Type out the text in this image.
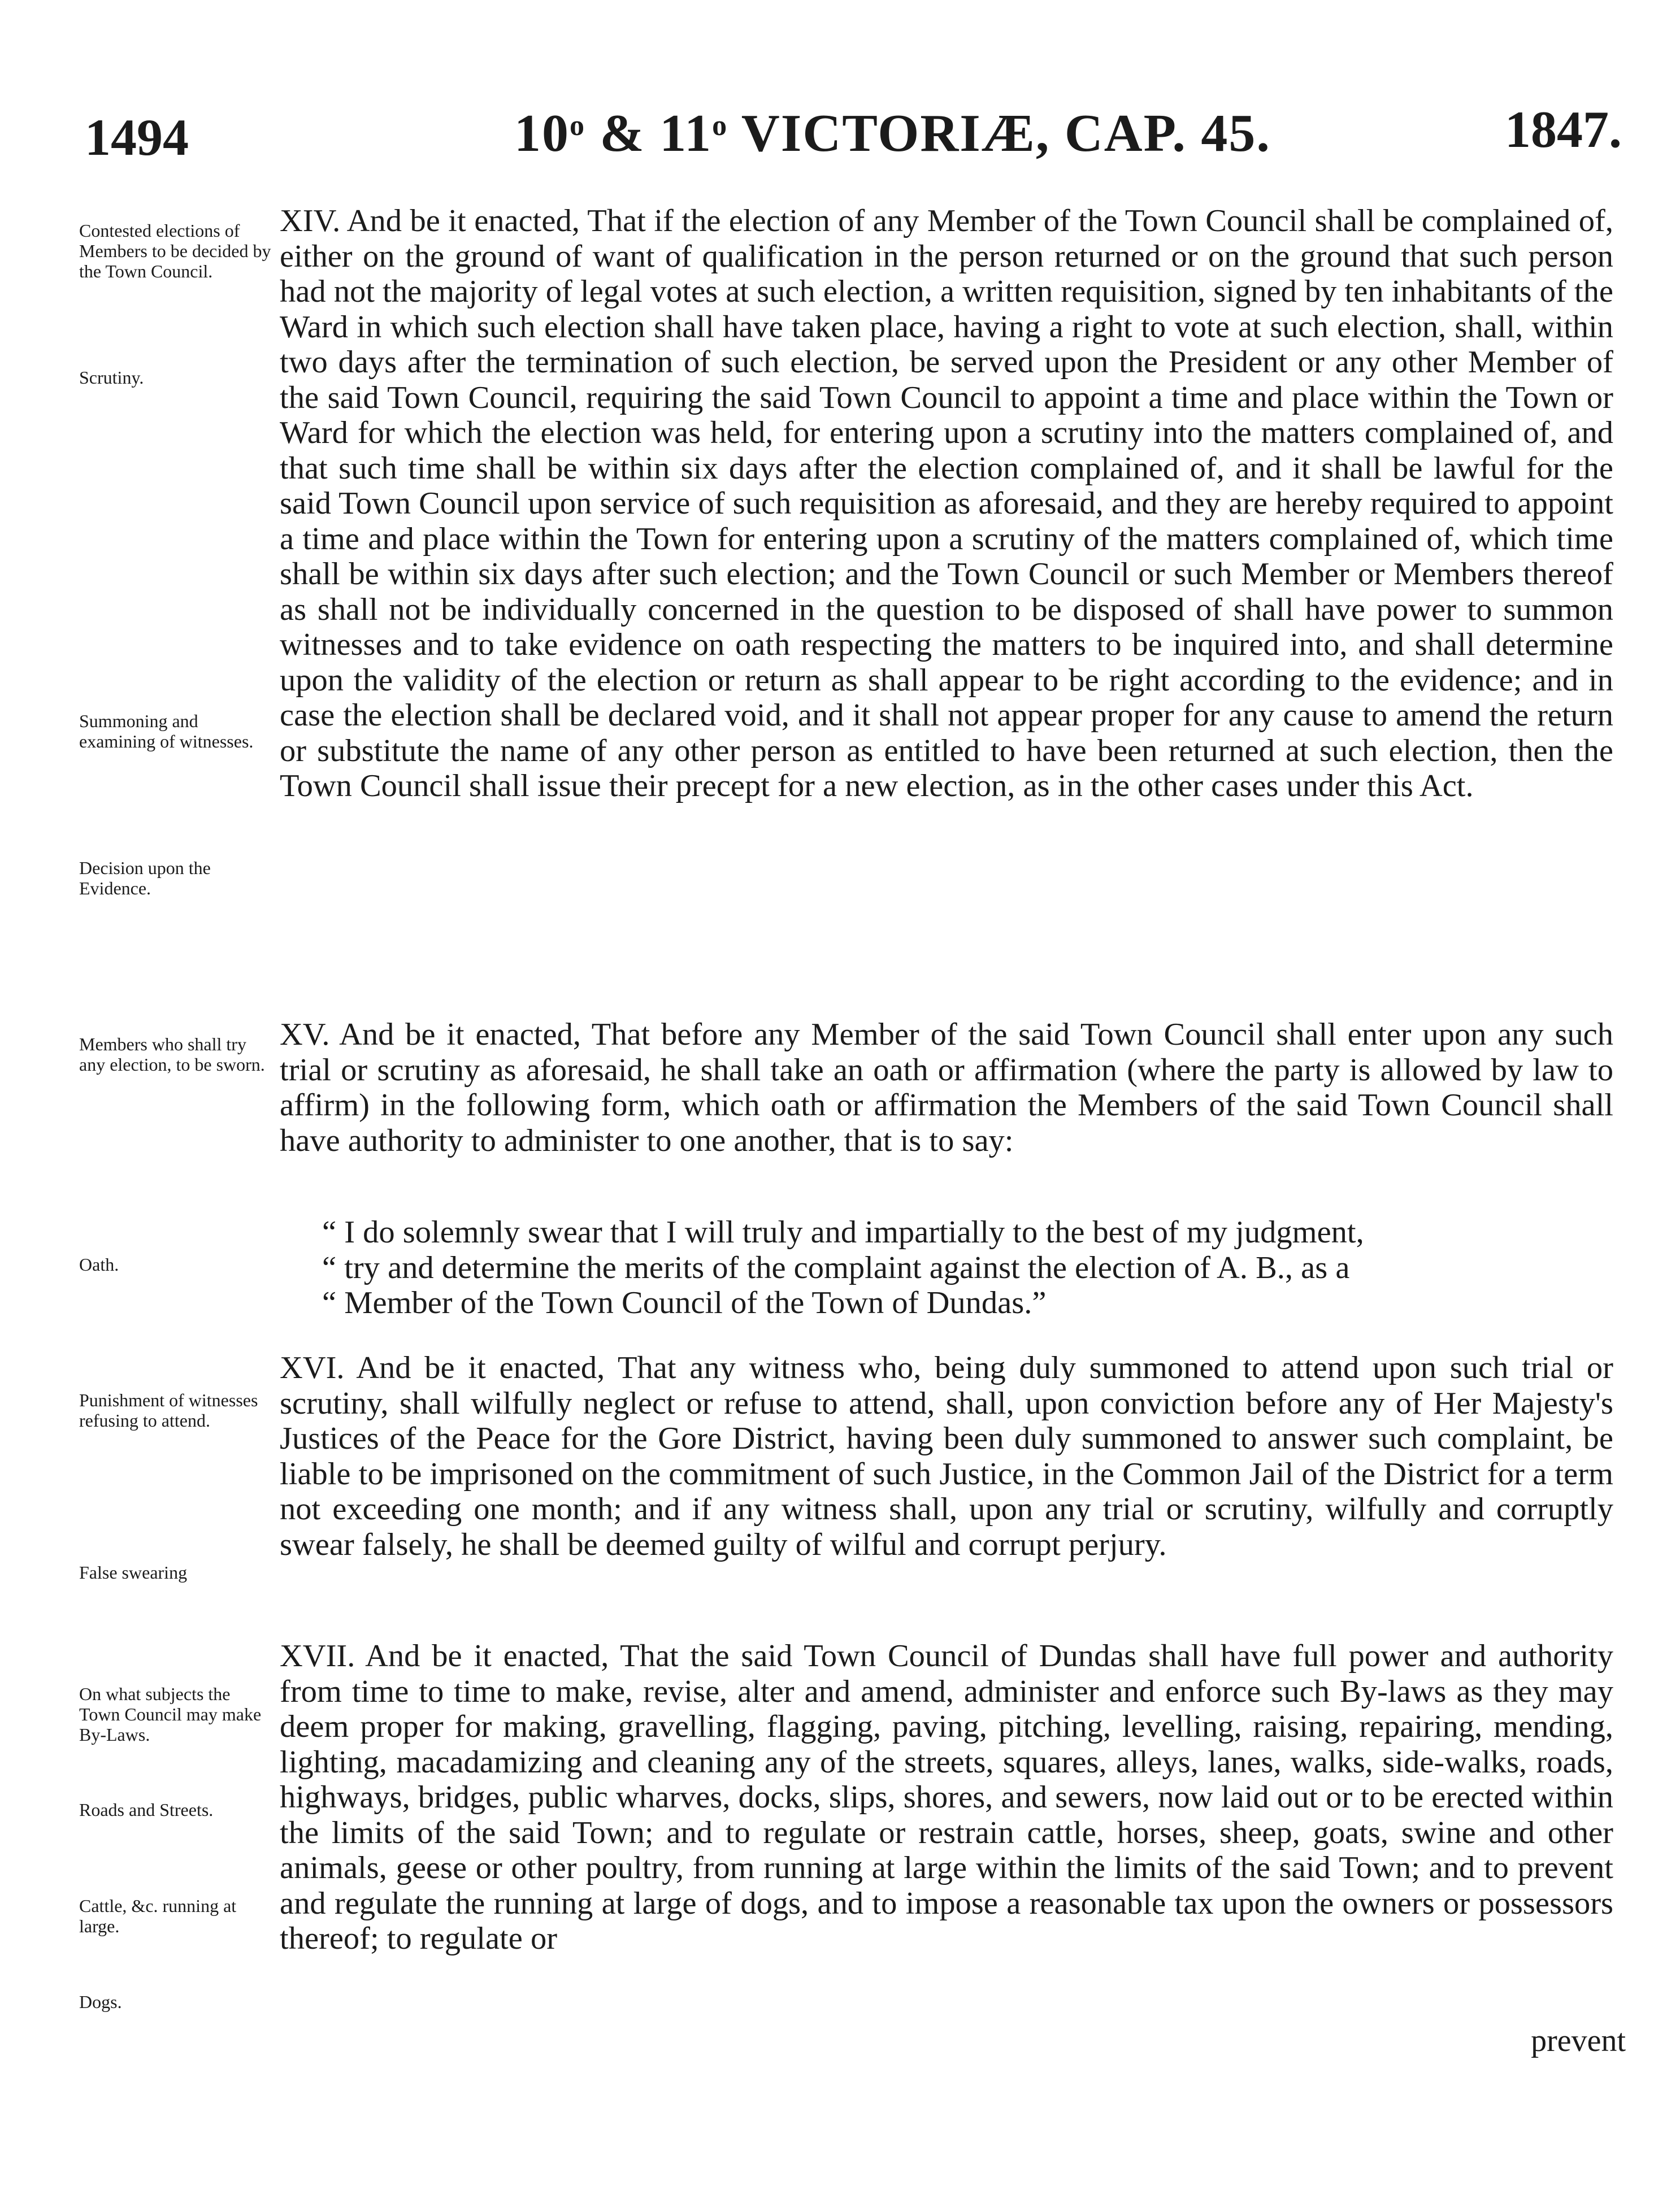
1494	10$^o$ & 11$^o$ VICTORIÆ, CAP. 45.	1847.
Contested elections of Members to be decided by the Town Council.
Scrutiny.
Summoning and examining of witnesses.
Decision upon the Evidence.

XIV. And be it enacted, That if the election of any Member of the Town Council shall be complained of, either on the ground of want of qualification in the person returned or on the ground that such person had not the majority of legal votes at such election, a written requisition, signed by ten inhabitants of the Ward in which such election shall have taken place, having a right to vote at such election, shall, within two days after the termination of such election, be served upon the President or any other Member of the said Town Council, requiring the said Town Council to appoint a time and place within the Town or Ward for which the election was held, for entering upon a scrutiny into the matters complained of, and that such time shall be within six days after the election complained of, and it shall be lawful for the said Town Council upon service of such requisition as aforesaid, and they are hereby required to appoint a time and place within the Town for entering upon a scrutiny of the matters complained of, which time shall be within six days after such election; and the Town Council or such Member or Members thereof as shall not be individually concerned in the question to be disposed of shall have power to summon witnesses and to take evidence on oath respecting the matters to be inquired into, and shall determine upon the validity of the election or return as shall appear to be right according to the evidence; and in case the election shall be declared void, and it shall not appear proper for any cause to amend the return or substitute the name of any other person as entitled to have been returned at such election, then the Town Council shall issue their precept for a new election, as in the other cases under this Act.

Members who shall try any election, to be sworn.

XV. And be it enacted, That before any Member of the said Town Council shall enter upon any such trial or scrutiny as aforesaid, he shall take an oath or affirmation (where the party is allowed by law to affirm) in the following form, which oath or affirmation the Members of the said Town Council shall have authority to administer to one another, that is to say:

Oath.

“ I do solemnly swear that I will truly and impartially to the best of my judgment,

“ try and determine the merits of the complaint against the election of A. B., as a

“ Member of the Town Council of the Town of Dundas.”

Punishment of witnesses refusing to attend.
False swearing

XVI. And be it enacted, That any witness who, being duly summoned to attend upon such trial or scrutiny, shall wilfully neglect or refuse to attend, shall, upon conviction before any of Her Majesty's Justices of the Peace for the Gore District, having been duly summoned to answer such complaint, be liable to be imprisoned on the commitment of such Justice, in the Common Jail of the District for a term not exceeding one month; and if any witness shall, upon any trial or scrutiny, wilfully and corruptly swear falsely, he shall be deemed guilty of wilful and corrupt perjury.

On what subjects the Town Council may make By-Laws.
Roads and Streets.
Cattle, &c. running at large.
Dogs.

XVII. And be it enacted, That the said Town Council of Dundas shall have full power and authority from time to time to make, revise, alter and amend, administer and enforce such By-laws as they may deem proper for making, gravelling, flagging, paving, pitching, levelling, raising, repairing, mending, lighting, macadamizing and cleaning any of the streets, squares, alleys, lanes, walks, side-walks, roads, highways, bridges, public wharves, docks, slips, shores, and sewers, now laid out or to be erected within the limits of the said Town; and to regulate or restrain cattle, horses, sheep, goats, swine and other animals, geese or other poultry, from running at large within the limits of the said Town; and to prevent and regulate the running at large of dogs, and to impose a reasonable tax upon the owners or possessors thereof; to regulate or

prevent
